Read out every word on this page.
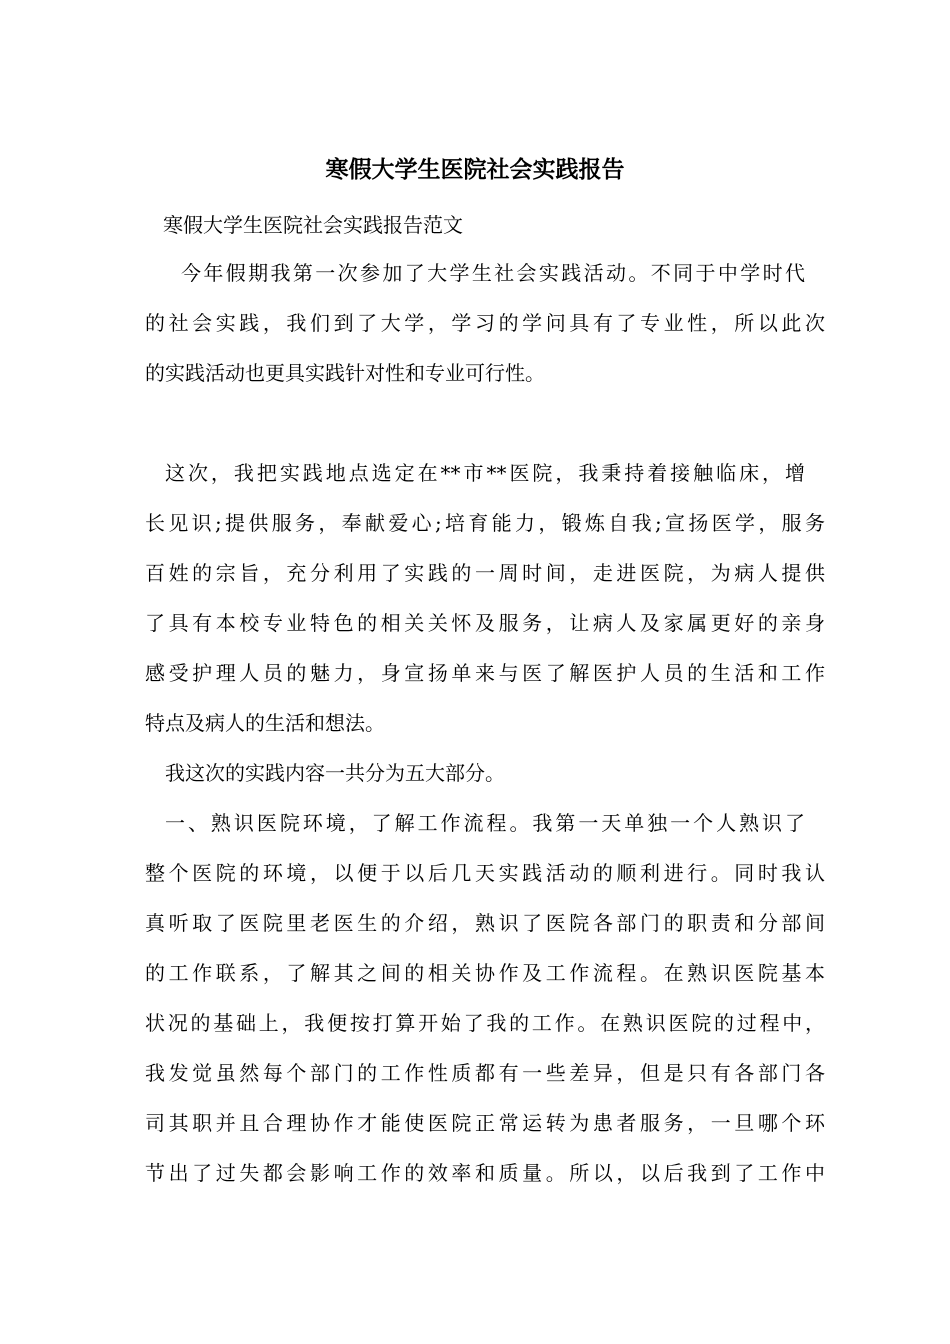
寒假大学生医院社会实践报告

寒假大学生医院社会实践报告范文

今年假期我第一次参加了大学生社会实践活动。不同于中学时代

的社会实践，我们到了大学，学习的学问具有了专业性，所以此次

的实践活动也更具实践针对性和专业可行性。

这次，我把实践地点选定在**市**医院，我秉持着接触临床，增

长见识;提供服务，奉献爱心;培育能力，锻炼自我;宣扬医学，服务

百姓的宗旨，充分利用了实践的一周时间，走进医院，为病人提供

了具有本校专业特色的相关关怀及服务，让病人及家属更好的亲身

感受护理人员的魅力，身宣扬单来与医了解医护人员的生活和工作

特点及病人的生活和想法。

我这次的实践内容一共分为五大部分。

一、熟识医院环境，了解工作流程。我第一天单独一个人熟识了

整个医院的环境，以便于以后几天实践活动的顺利进行。同时我认

真听取了医院里老医生的介绍，熟识了医院各部门的职责和分部间

的工作联系，了解其之间的相关协作及工作流程。在熟识医院基本

状况的基础上，我便按打算开始了我的工作。在熟识医院的过程中，

我发觉虽然每个部门的工作性质都有一些差异，但是只有各部门各

司其职并且合理协作才能使医院正常运转为患者服务，一旦哪个环

节出了过失都会影响工作的效率和质量。所以，以后我到了工作中
